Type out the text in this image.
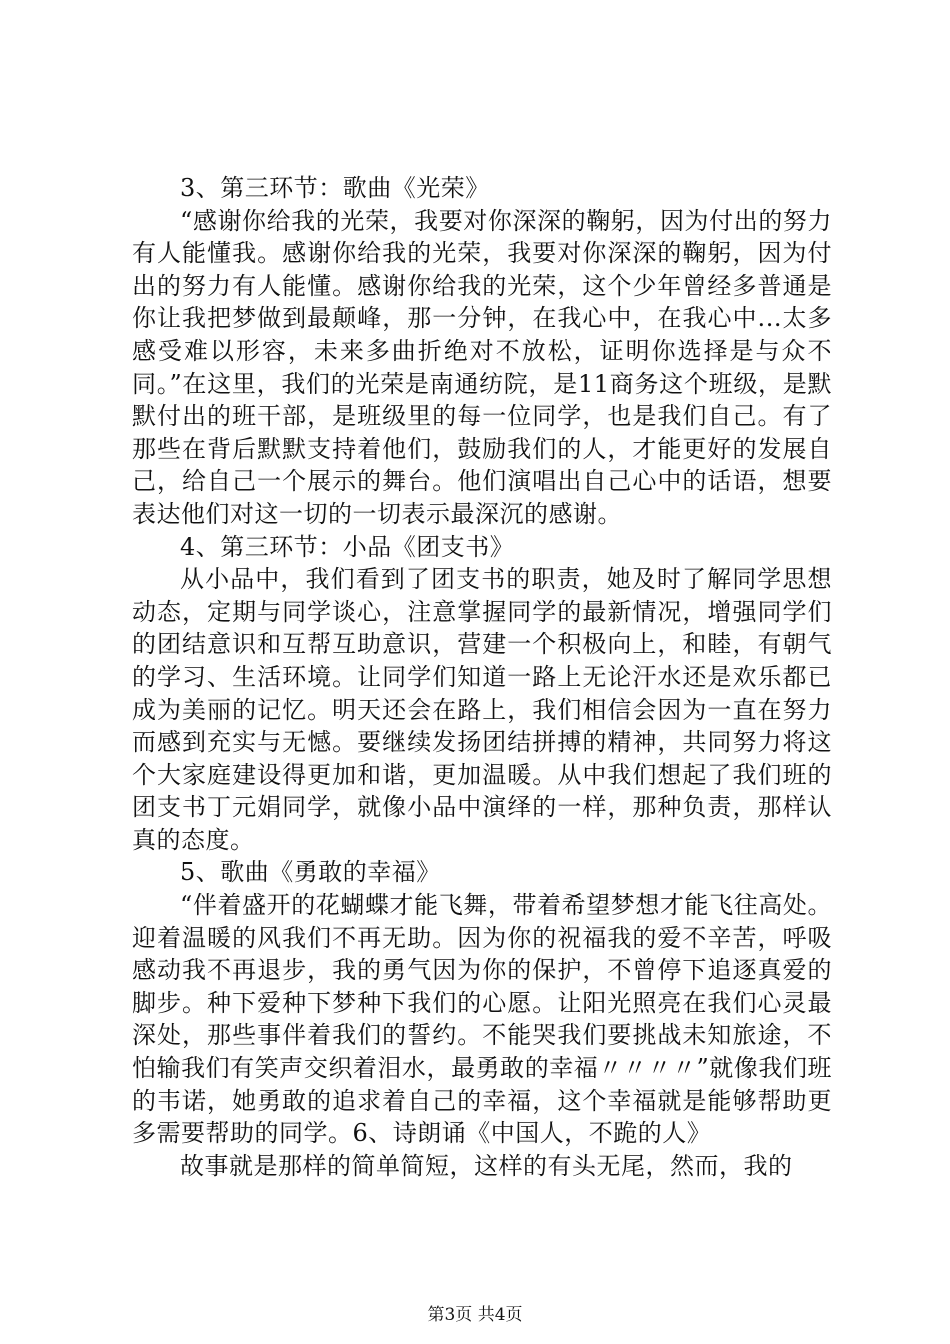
3、第三环节：歌曲《光荣》

“感谢你给我的光荣，我要对你深深的鞠躬，因为付出的努力有人能懂我。感谢你给我的光荣，我要对你深深的鞠躬，因为付出的努力有人能懂。感谢你给我的光荣，这个少年曾经多普通是你让我把梦做到最颠峰，那一分钟，在我心中，在我心中...太多感受难以形容，未来多曲折绝对不放松，证明你选择是与众不同。”在这里，我们的光荣是南通纺院，是11商务这个班级，是默默付出的班干部，是班级里的每一位同学，也是我们自己。有了那些在背后默默支持着他们，鼓励我们的人，才能更好的发展自己，给自己一个展示的舞台。他们演唱出自己心中的话语，想要表达他们对这一切的一切表示最深沉的感谢。

4、第三环节：小品《团支书》

从小品中，我们看到了团支书的职责，她及时了解同学思想动态，定期与同学谈心，注意掌握同学的最新情况，增强同学们的团结意识和互帮互助意识，营建一个积极向上，和睦，有朝气的学习、生活环境。让同学们知道一路上无论汗水还是欢乐都已成为美丽的记忆。明天还会在路上，我们相信会因为一直在努力而感到充实与无憾。要继续发扬团结拼搏的精神，共同努力将这个大家庭建设得更加和谐，更加温暖。从中我们想起了我们班的团支书丁元娟同学，就像小品中演绎的一样，那种负责，那样认真的态度。

5、歌曲《勇敢的幸福》

“伴着盛开的花蝴蝶才能飞舞，带着希望梦想才能飞往高处。迎着温暖的风我们不再无助。因为你的祝福我的爱不辛苦，呼吸感动我不再退步，我的勇气因为你的保护，不曾停下追逐真爱的脚步。种下爱种下梦种下我们的心愿。让阳光照亮在我们心灵最深处，那些事伴着我们的誓约。不能哭我们要挑战未知旅途，不怕输我们有笑声交织着泪水，最勇敢的幸福〃〃〃〃”就像我们班的韦诺，她勇敢的追求着自己的幸福，这个幸福就是能够帮助更多需要帮助的同学。6、诗朗诵《中国人，不跪的人》

故事就是那样的简单简短，这样的有头无尾，然而，我的

第3页 共4页
